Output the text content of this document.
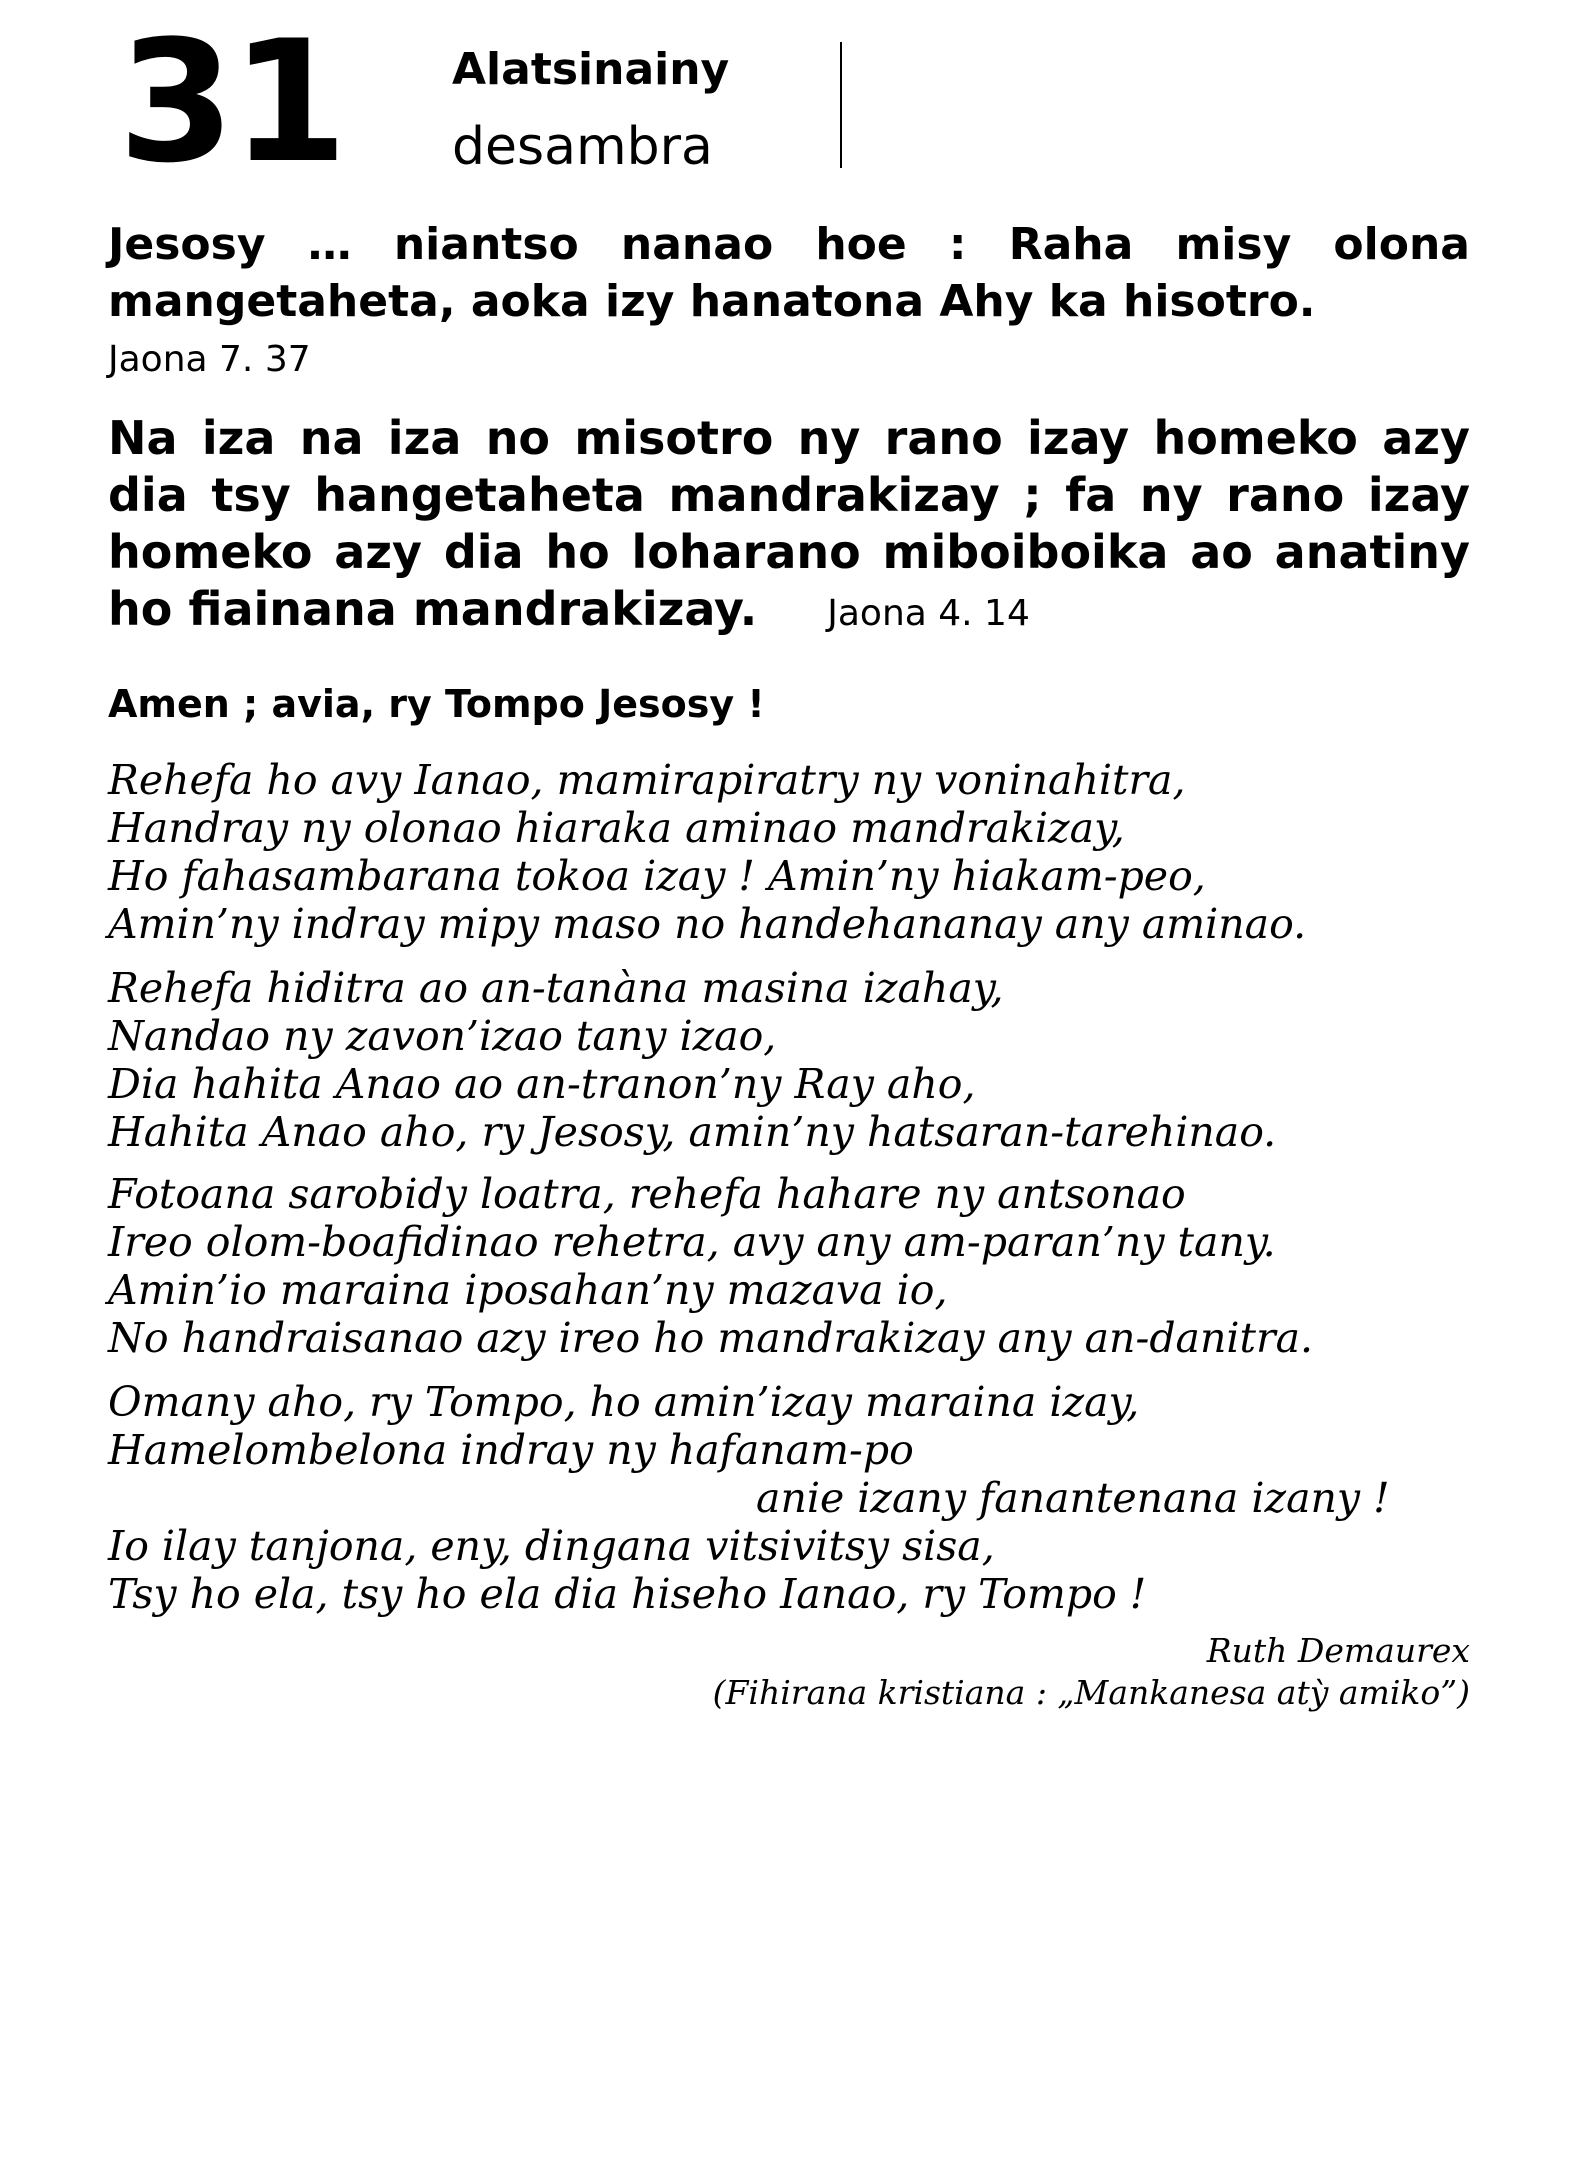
31 Alatsinainy
desambra

Jesosy … niantso nanao hoe : Raha misy olona mangetaheta, aoka izy hanatona Ahy ka hisotro.

Jaona 7. 37

Na iza na iza no misotro ny rano izay homeko azy dia tsy hangetaheta mandrakizay ; fa ny rano izay homeko azy dia ho loharano miboiboika ao anatiny ho fiainana mandrakizay. Jaona 4. 14

Amen ; avia, ry Tompo Jesosy !
Rehefa ho avy Ianao, mamirapiratry ny voninahitra,
Handray ny olonao hiaraka aminao mandrakizay,
Ho fahasambarana tokoa izay ! Amin’ny hiakam-peo,
Amin’ny indray mipy maso no handehananay any aminao.
Rehefa hiditra ao an-tanàna masina izahay,
Nandao ny zavon’izao tany izao,
Dia hahita Anao ao an-tranon’ny Ray aho,
Hahita Anao aho, ry Jesosy, amin’ny hatsaran-tarehinao.
Fotoana sarobidy loatra, rehefa hahare ny antsonao
Ireo olom-boafidinao rehetra, avy any am-paran’ny tany.
Amin’io maraina iposahan’ny mazava io,
No handraisanao azy ireo ho mandrakizay any an-danitra.
Omany aho, ry Tompo, ho amin’izay maraina izay,
Hamelombelona indray ny hafanam-po
anie izany fanantenana izany !
Io ilay tanjona, eny, dingana vitsivitsy sisa,
Tsy ho ela, tsy ho ela dia hiseho Ianao, ry Tompo !
Ruth Demaurex
(Fihirana kristiana : „Mankanesa atỳ amiko”)
